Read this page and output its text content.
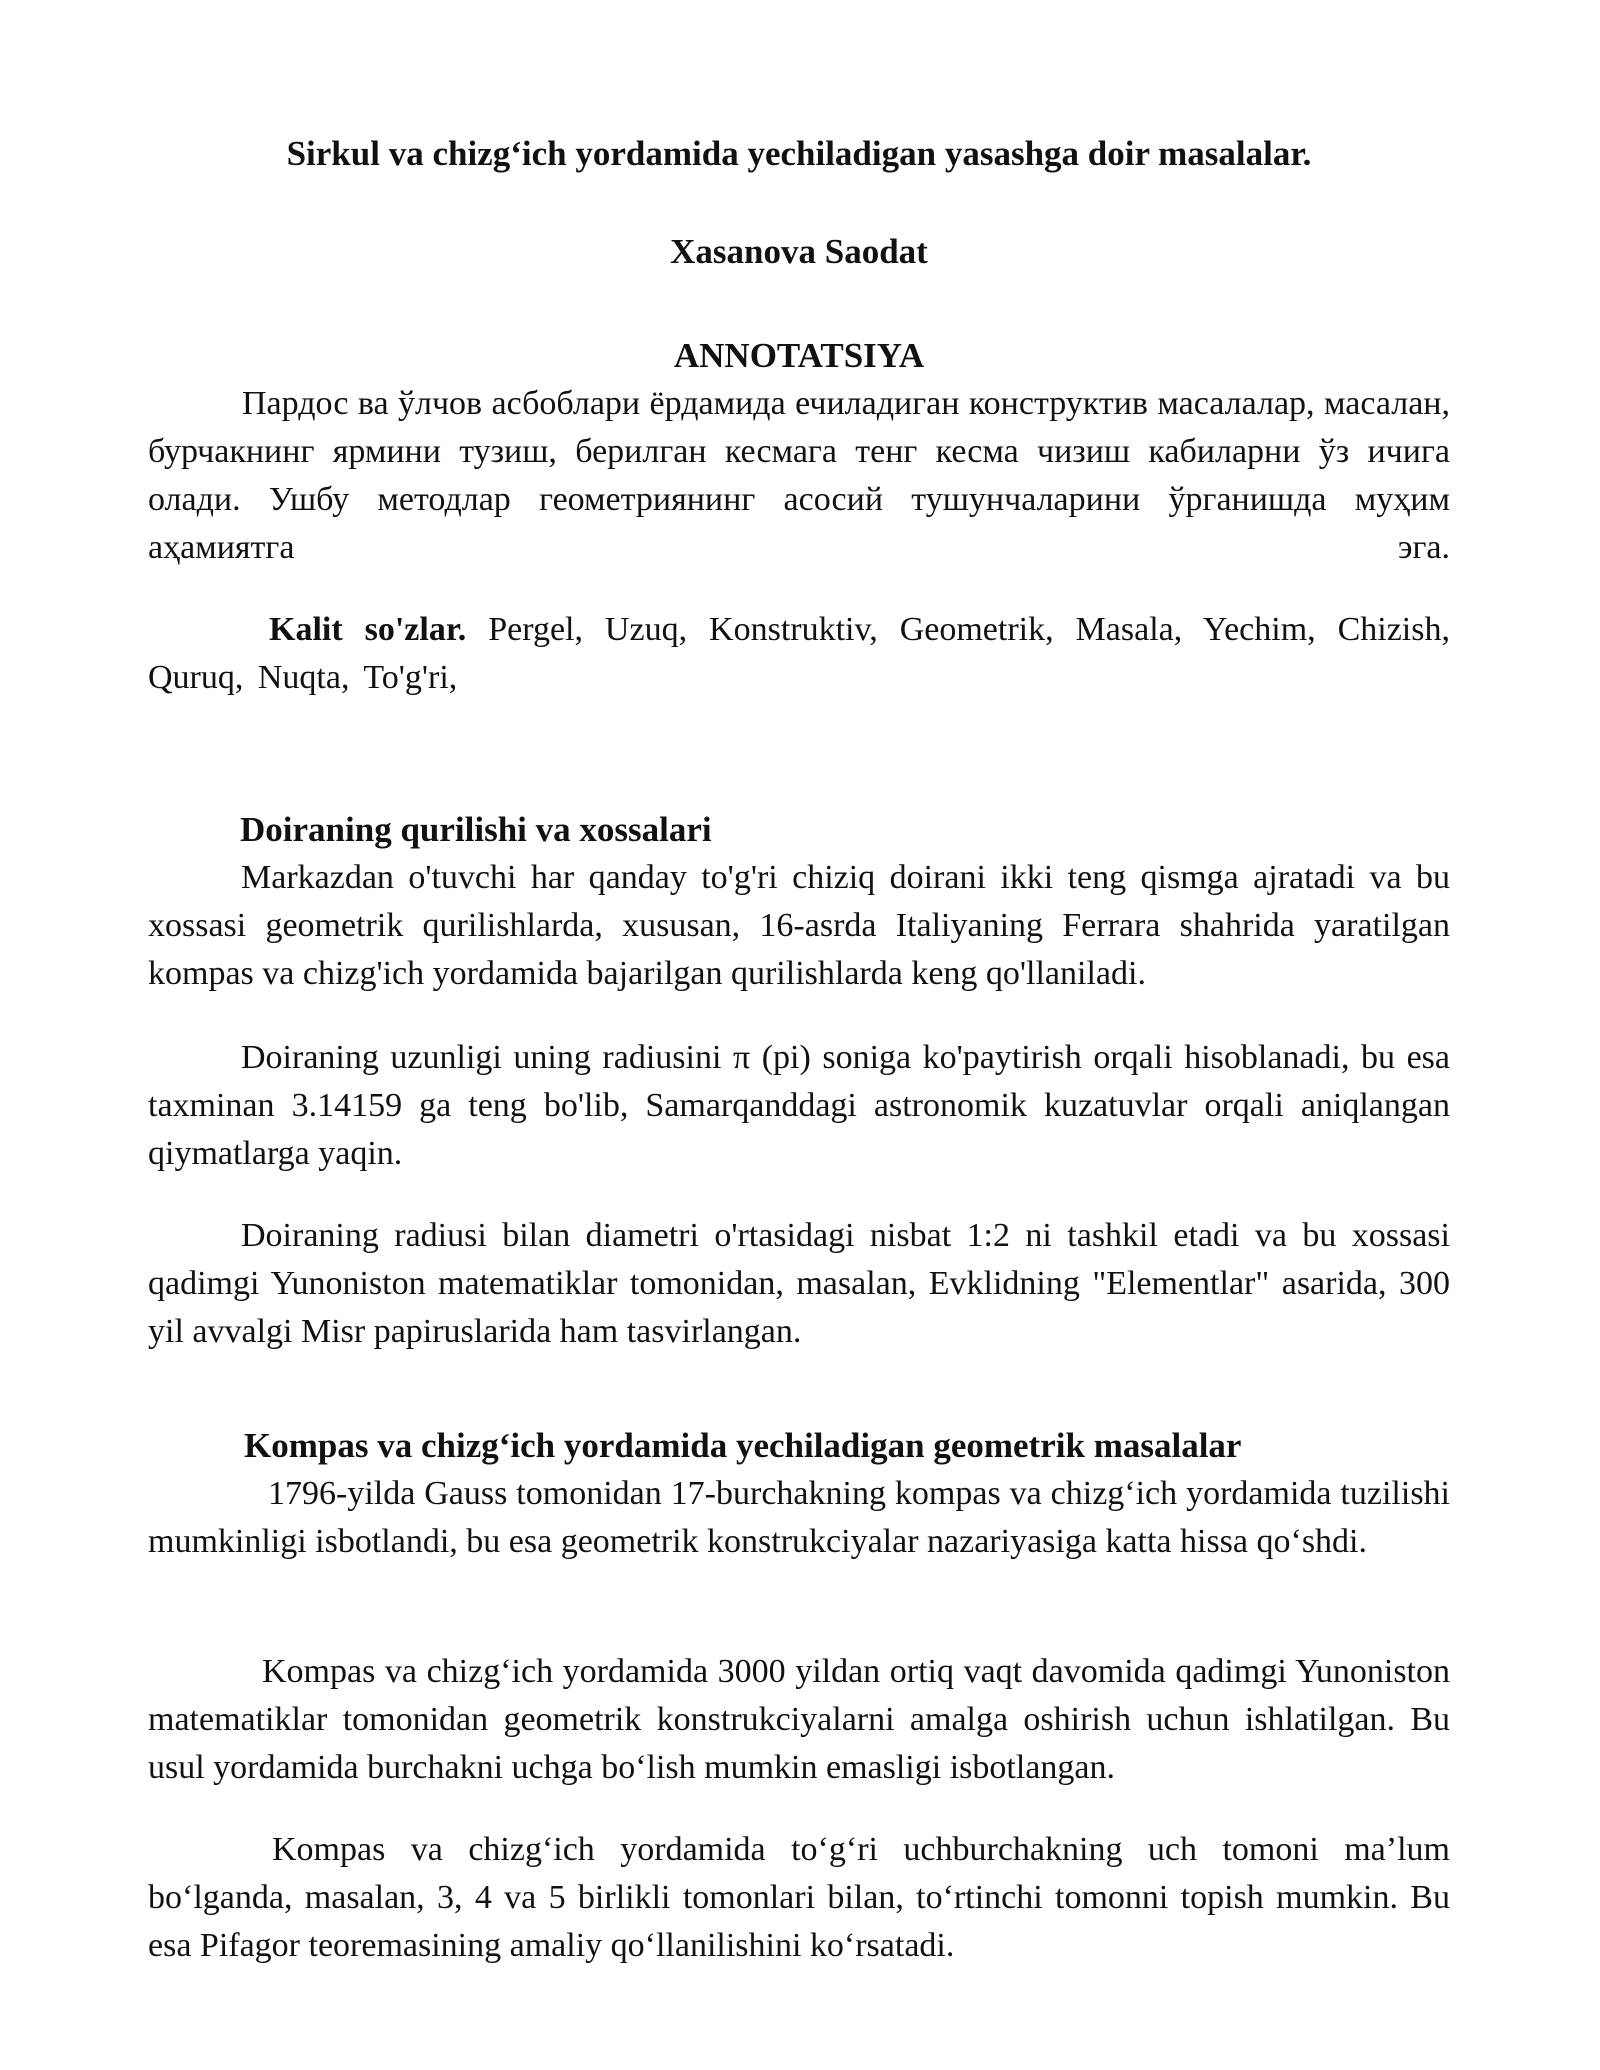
Sirkul va chizg‘ich yordamida yechiladigan yasashga doir masalalar.
Xasanova Saodat
ANNOTATSIYA

Пардос ва ўлчов асбоблари ёрдамида ечиладиган конструктив масалалар, масалан, бурчакнинг ярмини тузиш, берилган кесмага тенг кесма чизиш кабиларни ўз ичига олади. Ушбу методлар геометриянинг асосий тушунчаларини ўрганишда муҳим аҳамиятга эга.

Kalit so'zlar. Pergel, Uzuq, Konstruktiv, Geometrik, Masala, Yechim, Chizish, Quruq, Nuqta, To'g'ri,

Doiraning qurilishi va xossalari

Markazdan o'tuvchi har qanday to'g'ri chiziq doirani ikki teng qismga ajratadi va bu xossasi geometrik qurilishlarda, xususan, 16-asrda Italiyaning Ferrara shahrida yaratilgan kompas va chizg'ich yordamida bajarilgan qurilishlarda keng qo'llaniladi.

Doiraning uzunligi uning radiusini π (pi) soniga ko'paytirish orqali hisoblanadi, bu esa taxminan 3.14159 ga teng bo'lib, Samarqanddagi astronomik kuzatuvlar orqali aniqlangan qiymatlarga yaqin.

Doiraning radiusi bilan diametri o'rtasidagi nisbat 1:2 ni tashkil etadi va bu xossasi qadimgi Yunoniston matematiklar tomonidan, masalan, Evklidning "Elementlar" asarida, 300 yil avvalgi Misr papiruslarida ham tasvirlangan.

Kompas va chizg‘ich yordamida yechiladigan geometrik masalalar

1796-yilda Gauss tomonidan 17-burchakning kompas va chizg‘ich yordamida tuzilishi mumkinligi isbotlandi, bu esa geometrik konstrukciyalar nazariyasiga katta hissa qo‘shdi.

Kompas va chizg‘ich yordamida 3000 yildan ortiq vaqt davomida qadimgi Yunoniston matematiklar tomonidan geometrik konstrukciyalarni amalga oshirish uchun ishlatilgan. Bu usul yordamida burchakni uchga bo‘lish mumkin emasligi isbotlangan.

Kompas va chizg‘ich yordamida to‘g‘ri uchburchakning uch tomoni ma’lum bo‘lganda, masalan, 3, 4 va 5 birlikli tomonlari bilan, to‘rtinchi tomonni topish mumkin. Bu esa Pifagor teoremasining amaliy qo‘llanilishini ko‘rsatadi.
